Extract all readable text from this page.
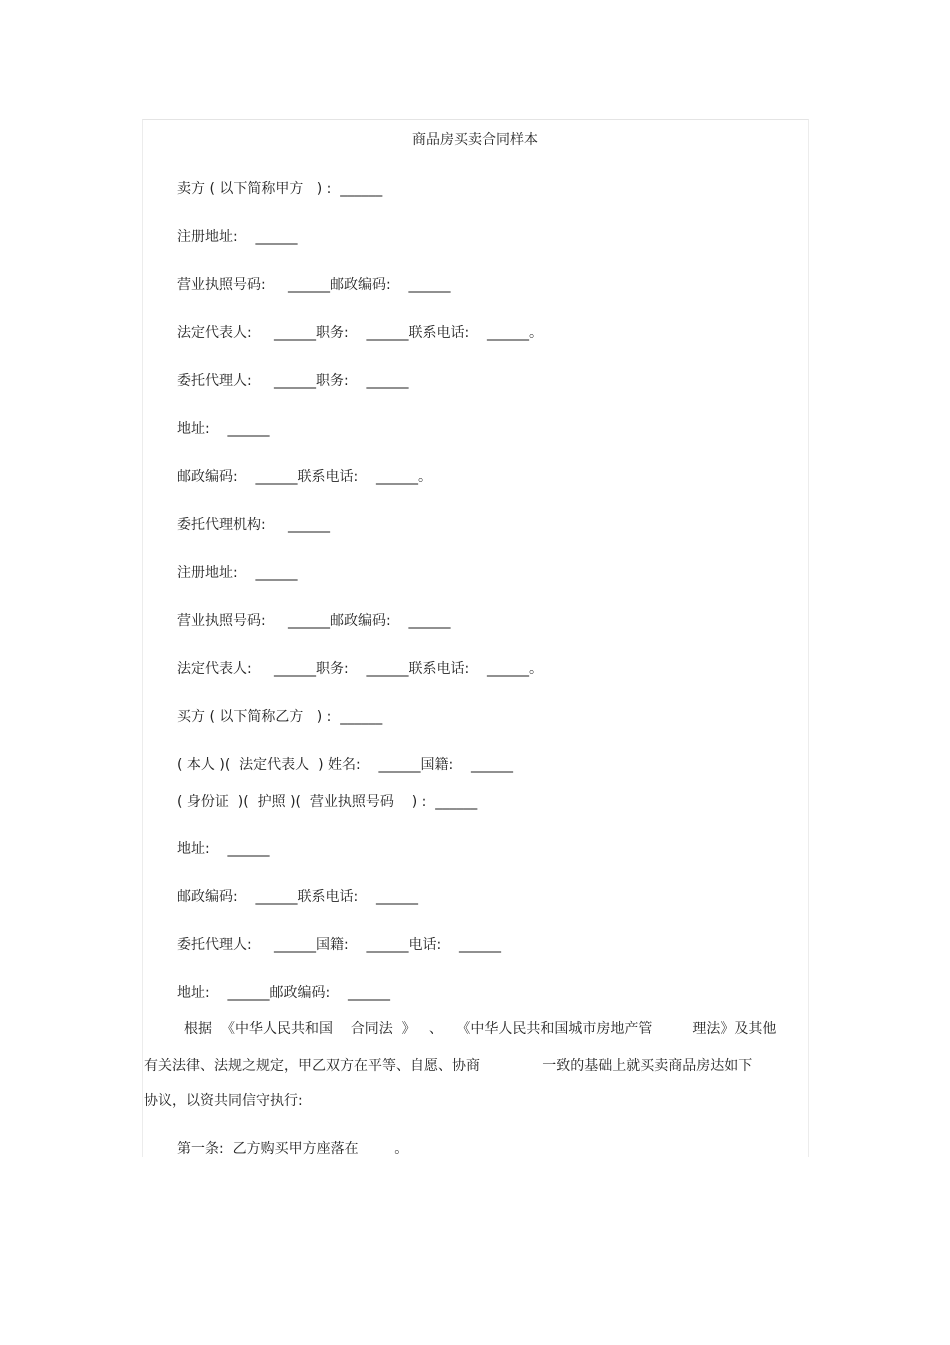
商品房买卖合同样本
卖方 ( 以下简称甲方   ) :  ______
注册地址:    ______
营业执照号码:     ______邮政编码:    ______
法定代表人:     ______职务:    ______联系电话:    ______。
委托代理人:     ______职务:    ______
地址:    ______
邮政编码:    ______联系电话:    ______。
委托代理机构:     ______
注册地址:    ______
营业执照号码:     ______邮政编码:    ______
法定代表人:     ______职务:    ______联系电话:    ______。
买方 ( 以下简称乙方   ) :  ______
( 本人 )(  法定代表人  ) 姓名:    ______国籍:    ______
( 身份证  )(  护照 )(  营业执照号码    ) :  ______
地址:    ______
邮政编码:    ______联系电话:    ______
委托代理人:     ______国籍:    ______电话:    ______
地址:    ______邮政编码:    ______
根据  《中华人民共和国    合同法  》   、   《中华人民共和国城市房地产管         理法》及其他
有关法律、法规之规定，甲乙双方在平等、自愿、协商              一致的基础上就买卖商品房达如下
协议，以资共同信守执行:
第一条:  乙方购买甲方座落在        。
